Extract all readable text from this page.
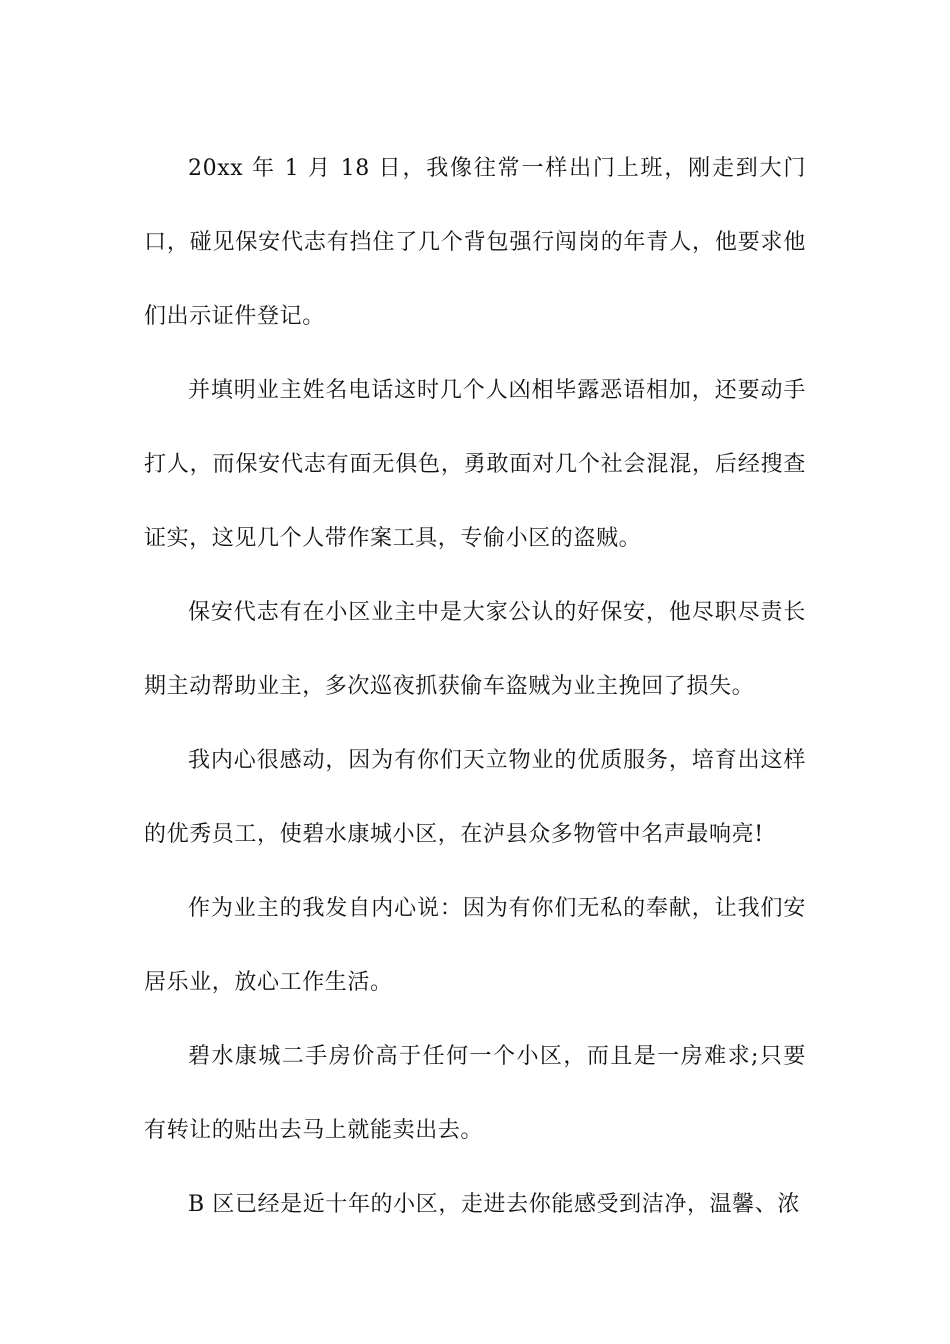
20xx 年 1 月 18 日，我像往常一样出门上班，刚走到大门口，碰见保安代志有挡住了几个背包强行闯岗的年青人，他要求他们出示证件登记。

并填明业主姓名电话这时几个人凶相毕露恶语相加，还要动手打人，而保安代志有面无俱色，勇敢面对几个社会混混，后经搜查证实，这见几个人带作案工具，专偷小区的盗贼。

保安代志有在小区业主中是大家公认的好保安，他尽职尽责长期主动帮助业主，多次巡夜抓获偷车盗贼为业主挽回了损失。

我内心很感动，因为有你们天立物业的优质服务，培育出这样的优秀员工，使碧水康城小区，在泸县众多物管中名声最响亮!

作为业主的我发自内心说：因为有你们无私的奉献，让我们安居乐业，放心工作生活。

碧水康城二手房价高于任何一个小区，而且是一房难求;只要有转让的贴出去马上就能卖出去。

B 区已经是近十年的小区，走进去你能感受到洁净，温馨、浓
